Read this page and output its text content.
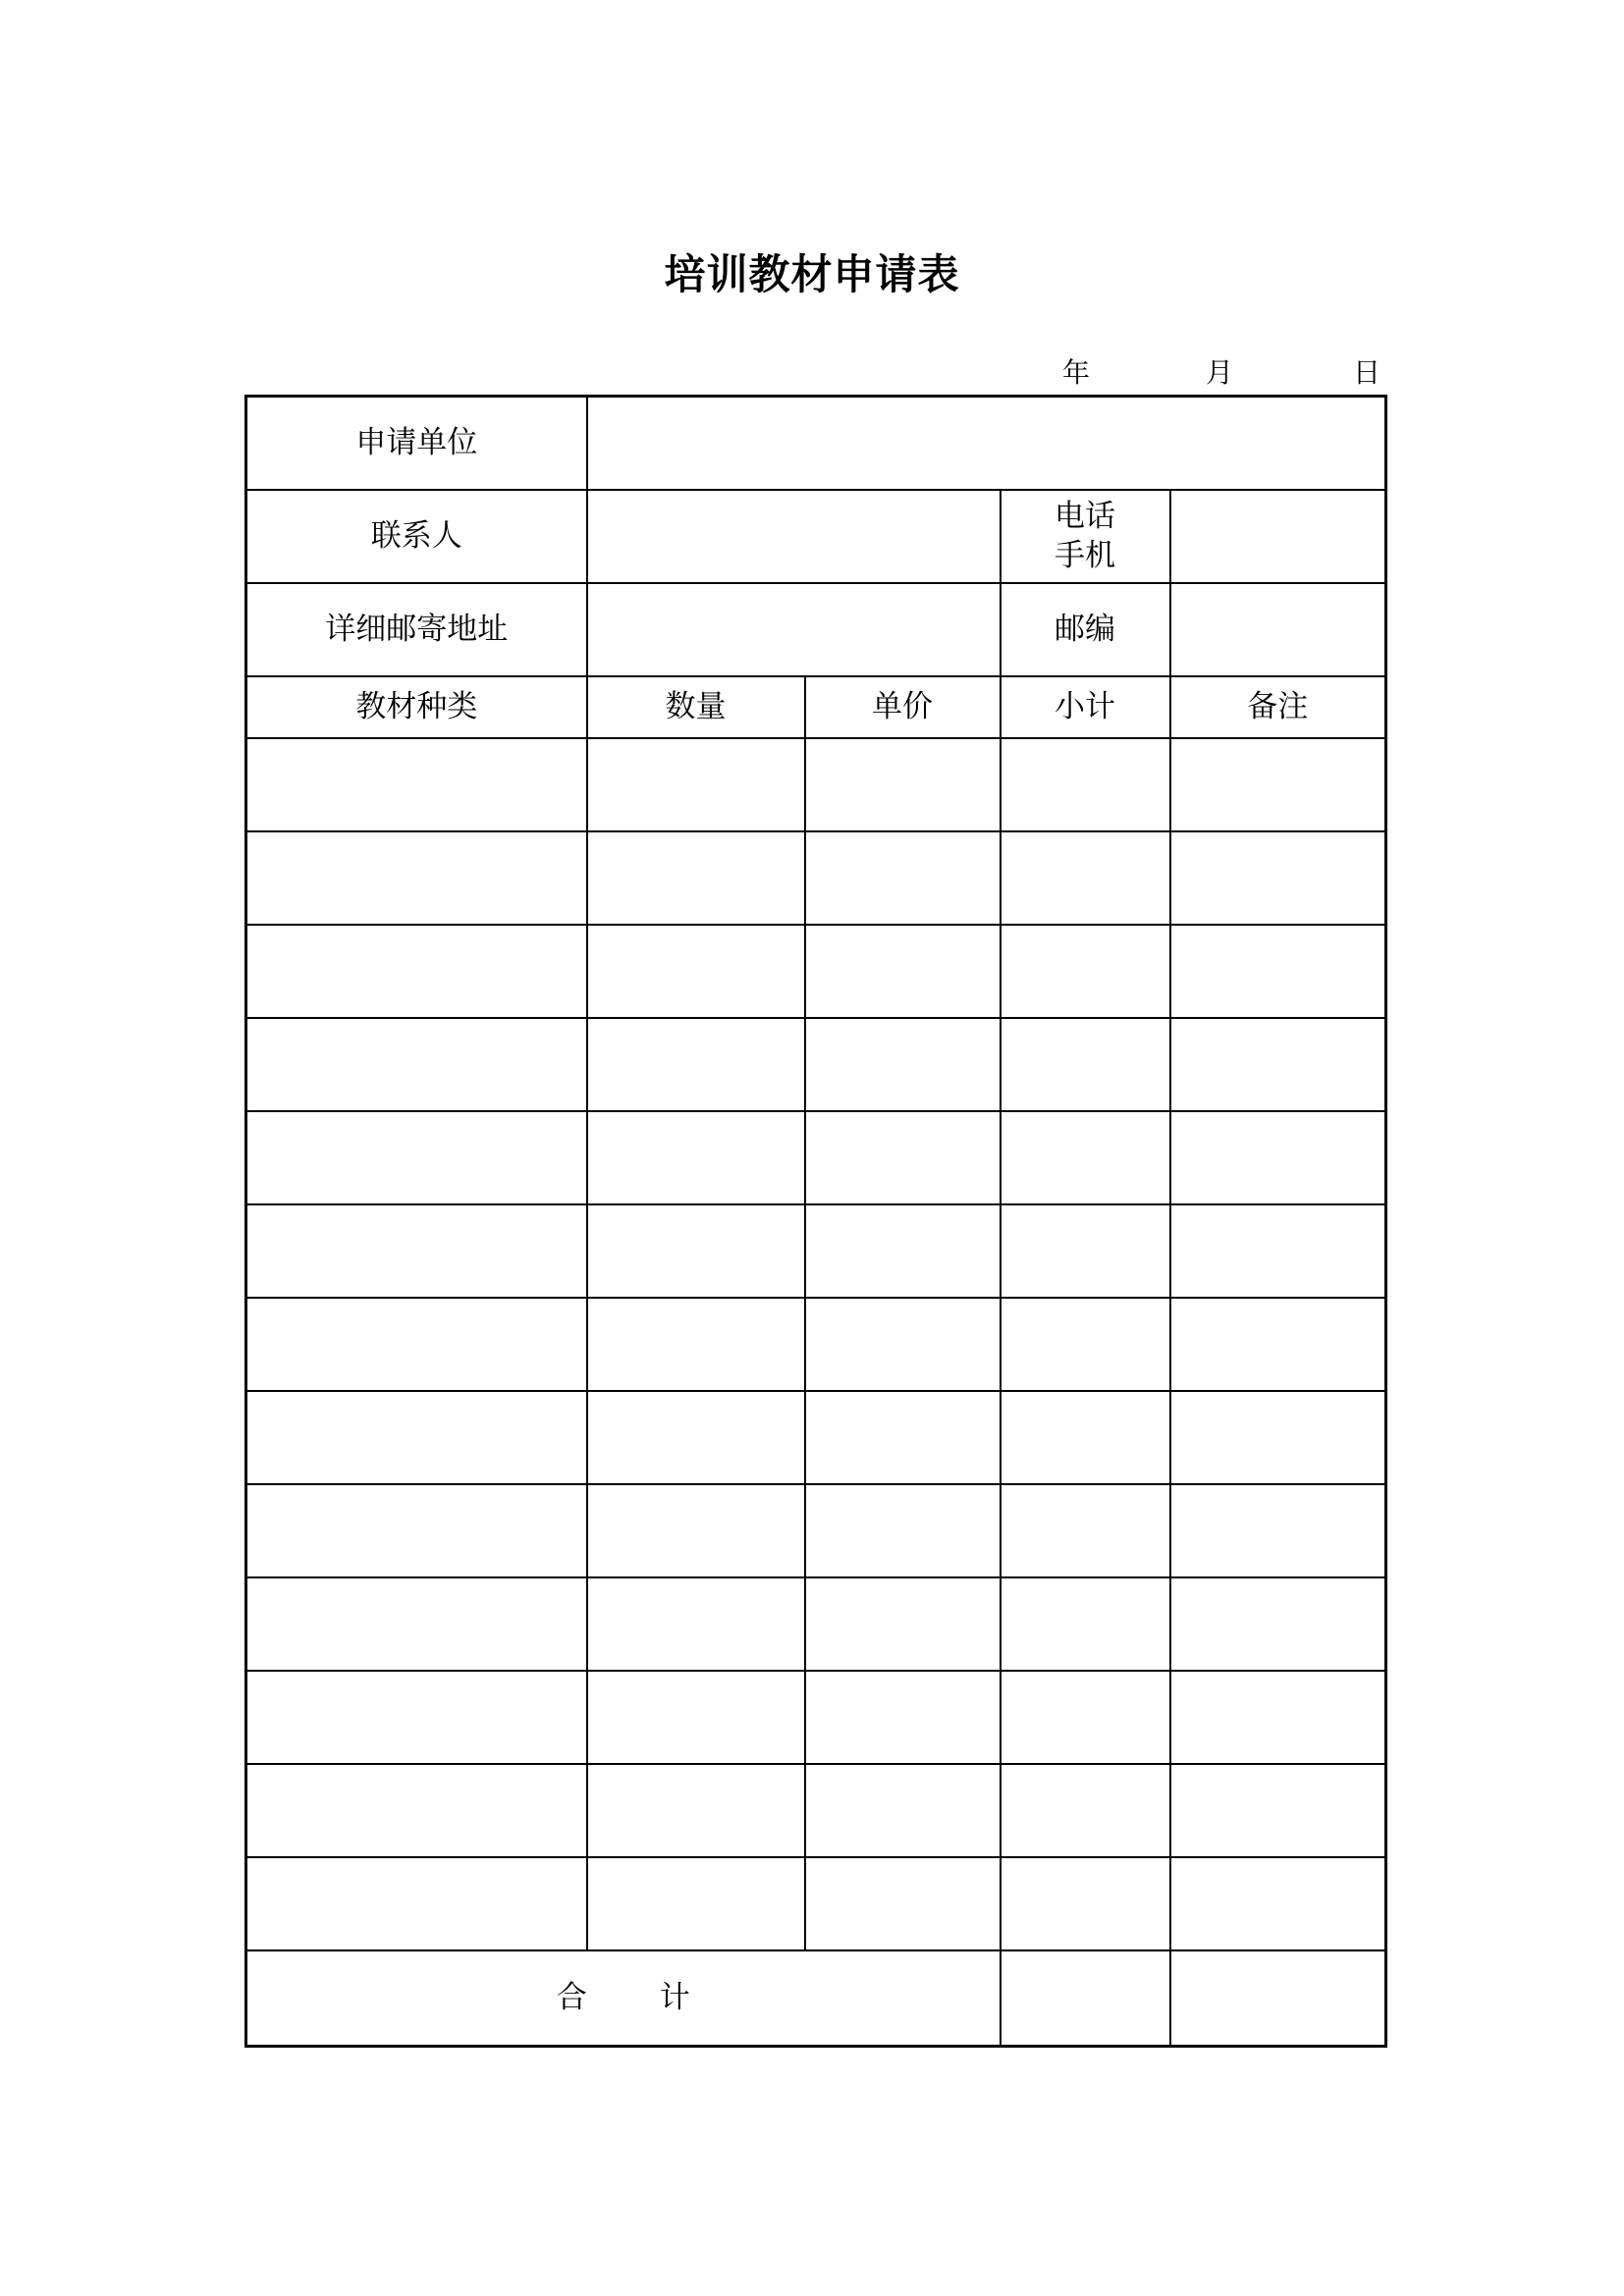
培训教材申请表
年	月	日
申请单位				
联系人			电话
手机	

详细邮寄地址			邮编	
教材种类	数量	单价	小计	备注

合 计				
